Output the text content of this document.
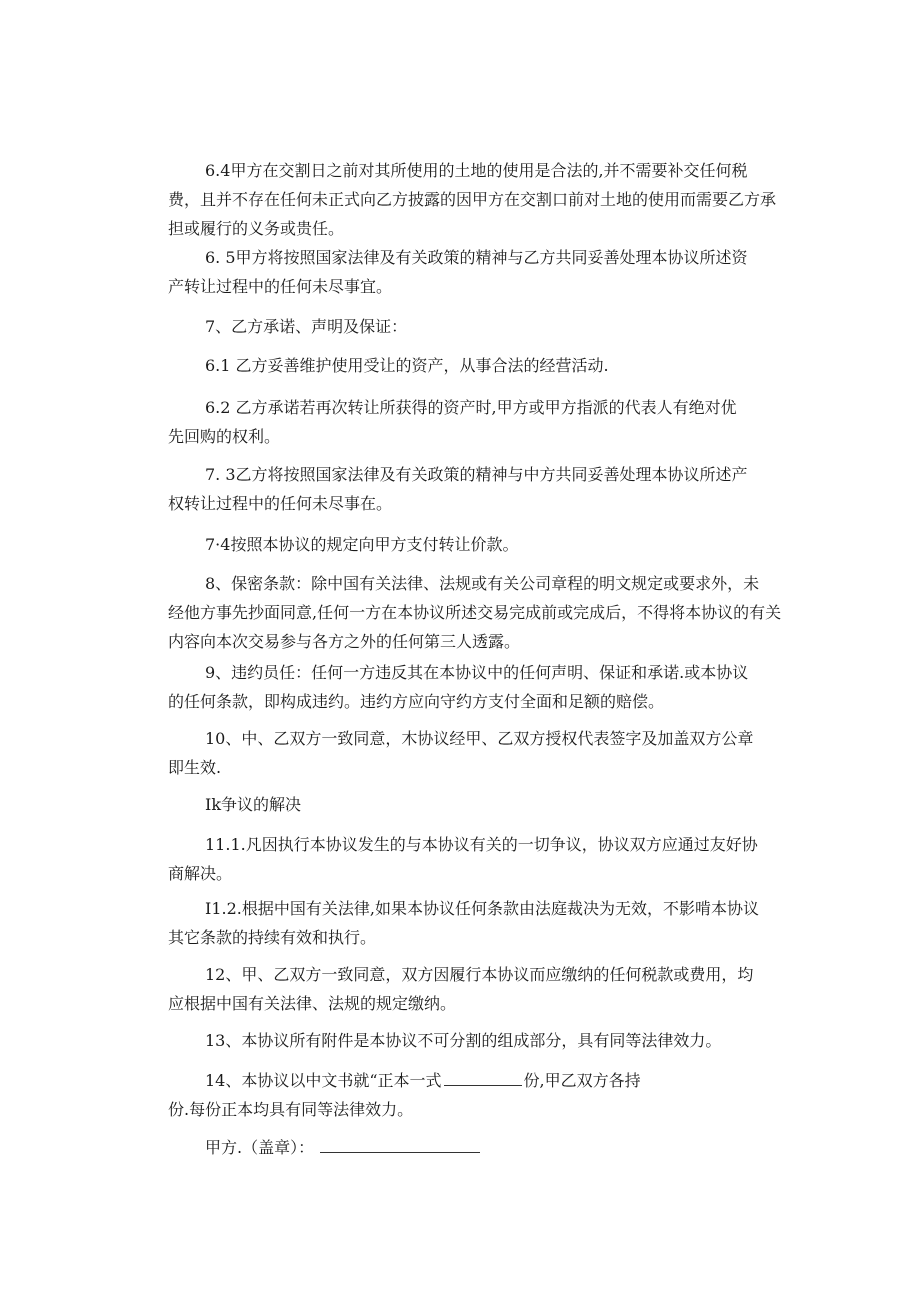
6.4甲方在交割日之前对其所使用的土地的使用是合法的,并不需要补交任何税
费，且并不存在任何未正式向乙方披露的因甲方在交割口前对土地的使用而需要乙方承
担或履行的义务或贵任。

6. 5甲方将按照国家法律及有关政策的精神与乙方共同妥善处理本协议所述资
产转让过程中的任何未尽事宜。

7、乙方承诺、声明及保证：

6.1 乙方妥善维护使用受让的资产，从事合法的经营活动.

6.2 乙方承诺若再次转让所获得的资产时,甲方或甲方指派的代表人有绝对优
先回购的权利。

7. 3乙方将按照国家法律及有关政策的精神与中方共同妥善处理本协议所述产
权转让过程中的任何未尽事在。

7·4按照本协议的规定向甲方支付转让价款。

8、保密条款：除中国有关法律、法规或有关公司章程的明文规定或要求外，未
经他方事先抄面同意,任何一方在本协议所述交易完成前或完成后，不得将本协议的有关
内容向本次交易参与各方之外的任何第三人透露。

9、违约员任：任何一方违反其在本协议中的任何声明、保证和承诺.或本协议
的任何条款，即构成违约。违约方应向守约方支付全面和足额的赔偿。

10、中、乙双方一致同意，木协议经甲、乙双方授权代表签字及加盖双方公章
即生效.

Ik争议的解决

11.1.凡因执行本协议发生的与本协议有关的一切争议，协议双方应通过友好协
商解决。

I1.2.根据中国有关法律,如果本协议任何条款由法庭裁决为无效，不影啃本协议
其它条款的持续有效和执行。

12、甲、乙双方一致同意，双方因履行本协议而应缴纳的任何税款或费用，均
应根据中国有关法律、法规的规定缴纳。

13、本协议所有附件是本协议不可分割的组成部分，具有同等法律效力。

14、本协议以中文书就“正本一式	份,甲乙双方各持
份.每份正本均具有同等法律效力。

甲方.（盖章）：
